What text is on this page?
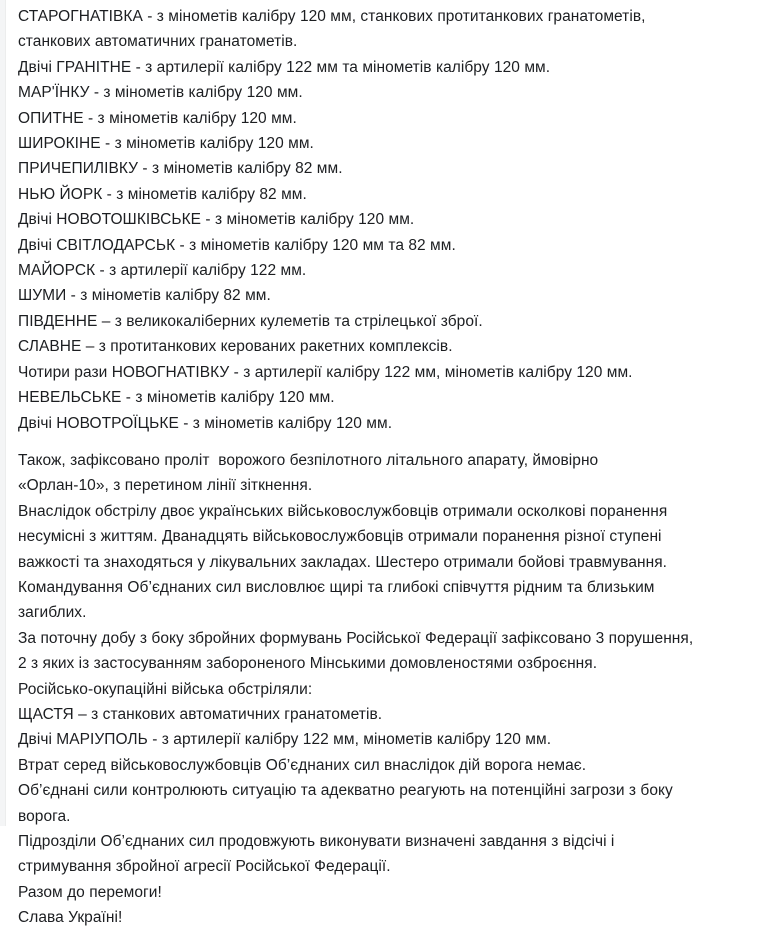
СТАРОГНАТІВКА - з мінометів калібру 120 мм, станкових протитанкових гранатометів,
станкових автоматичних гранатометів.
Двічі ГРАНІТНЕ - з артилерії калібру 122 мм та мінометів калібру 120 мм.
МАР'ЇНКУ - з мінометів калібру 120 мм.
ОПИТНЕ - з мінометів калібру 120 мм.
ШИРОКІНЕ - з мінометів калібру 120 мм.
ПРИЧЕПИЛІВКУ - з мінометів калібру 82 мм.
НЬЮ ЙОРК - з мінометів калібру 82 мм.
Двічі НОВОТОШКІВСЬКЕ - з мінометів калібру 120 мм.
Двічі СВІТЛОДАРСЬК - з мінометів калібру 120 мм та 82 мм.
МАЙОРСК - з артилерії калібру 122 мм.
ШУМИ - з мінометів калібру 82 мм.
ПІВДЕННЕ – з великокаліберних кулеметів та стрілецької зброї.
СЛАВНЕ – з протитанкових керованих ракетних комплексів.
Чотири рази НОВОГНАТІВКУ - з артилерії калібру 122 мм, мінометів калібру 120 мм.
НЕВЕЛЬСЬКЕ - з мінометів калібру 120 мм.
Двічі НОВОТРОЇЦЬКЕ - з мінометів калібру 120 мм.
Також, зафіксовано проліт  ворожого безпілотного літального апарату, ймовірно
«Орлан-10», з перетином лінії зіткнення.
Внаслідок обстрілу двоє українських військовослужбовців отримали осколкові поранення
несумісні з життям. Дванадцять військовослужбовців отримали поранення різної ступені
важкості та знаходяться у лікувальних закладах. Шестеро отримали бойові травмування.
Командування Об’єднаних сил висловлює щирі та глибокі співчуття рідним та близьким
загиблих.
За поточну добу з боку збройних формувань Російської Федерації зафіксовано 3 порушення,
2 з яких із застосуванням забороненого Мінськими домовленостями озброєння.
Російсько-окупаційні війська обстріляли:
ЩАСТЯ – з станкових автоматичних гранатометів.
Двічі МАРІУПОЛЬ - з артилерії калібру 122 мм, мінометів калібру 120 мм.
Втрат серед військовослужбовців Об’єднаних сил внаслідок дій ворога немає.
Об’єднані сили контролюють ситуацію та адекватно реагують на потенційні загрози з боку
ворога.
Підрозділи Об’єднаних сил продовжують виконувати визначені завдання з відсічі і
стримування збройної агресії Російської Федерації.
Разом до перемоги!
Слава Україні!
